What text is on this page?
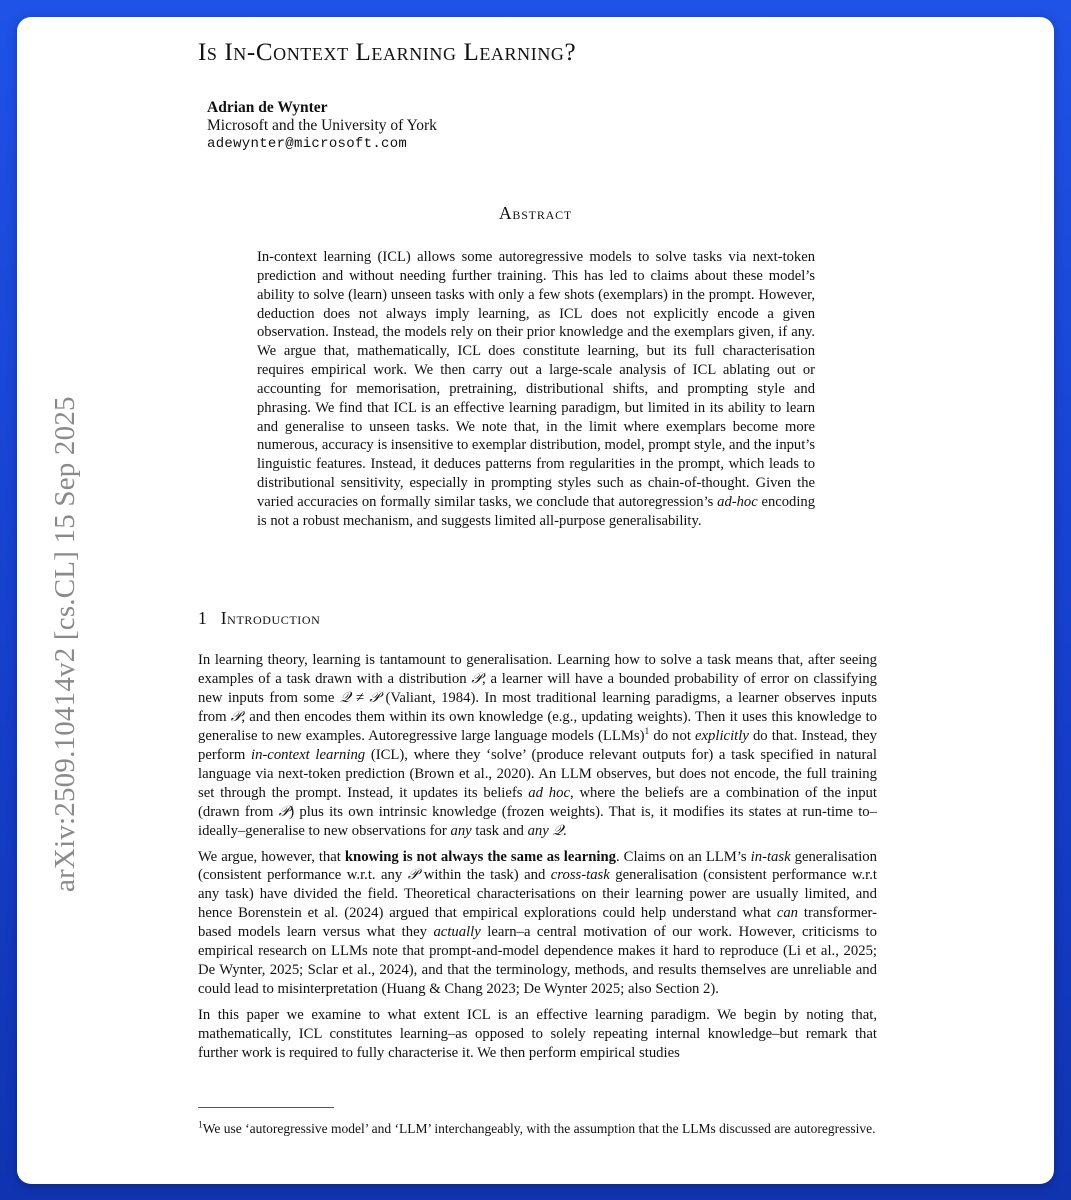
arXiv:2509.10414v2 [cs.CL] 15 Sep 2025
Is In-Context Learning Learning?
Adrian de Wynter
Microsoft and the University of York
adewynter@microsoft.com
Abstract

In-context learning (ICL) allows some autoregressive models to solve tasks via next-token prediction and without needing further training. This has led to claims about these model’s ability to solve (learn) unseen tasks with only a few shots (exemplars) in the prompt. However, deduction does not always imply learning, as ICL does not explicitly encode a given observation. Instead, the models rely on their prior knowledge and the exemplars given, if any. We argue that, mathematically, ICL does constitute learning, but its full characterisation requires empirical work. We then carry out a large-scale analysis of ICL ablating out or accounting for memorisation, pretraining, distributional shifts, and prompting style and phrasing. We find that ICL is an effective learning paradigm, but limited in its ability to learn and generalise to unseen tasks. We note that, in the limit where exemplars become more numerous, accuracy is insensitive to exemplar distribution, model, prompt style, and the input’s linguistic features. Instead, it deduces patterns from regularities in the prompt, which leads to distributional sensitivity, especially in prompting styles such as chain-of-thought. Given the varied accuracies on formally similar tasks, we conclude that autoregression’s ad-hoc encoding is not a robust mechanism, and suggests limited all-purpose generalisability.

1 Introduction

In learning theory, learning is tantamount to generalisation. Learning how to solve a task means that, after seeing examples of a task drawn with a distribution 𝒫, a learner will have a bounded probability of error on classifying new inputs from some 𝒬 ≠ 𝒫 (Valiant, 1984). In most traditional learning paradigms, a learner observes inputs from 𝒫, and then encodes them within its own knowledge (e.g., updating weights). Then it uses this knowledge to generalise to new examples. Autoregressive large language models (LLMs)$^1$ do not explicitly do that. Instead, they perform in-context learning (ICL), where they ‘solve’ (produce relevant outputs for) a task specified in natural language via next-token prediction (Brown et al., 2020). An LLM observes, but does not encode, the full training set through the prompt. Instead, it updates its beliefs ad hoc, where the beliefs are a combination of the input (drawn from 𝒫) plus its own intrinsic knowledge (frozen weights). That is, it modifies its states at run-time to–ideally–generalise to new observations for any task and any 𝒬.

We argue, however, that knowing is not always the same as learning. Claims on an LLM’s in-task generalisation (consistent performance w.r.t. any 𝒫 within the task) and cross-task generalisation (consistent performance w.r.t any task) have divided the field. Theoretical characterisations on their learning power are usually limited, and hence Borenstein et al. (2024) argued that empirical explorations could help understand what can transformer-based models learn versus what they actually learn–a central motivation of our work. However, criticisms to empirical research on LLMs note that prompt-and-model dependence makes it hard to reproduce (Li et al., 2025; De Wynter, 2025; Sclar et al., 2024), and that the terminology, methods, and results themselves are unreliable and could lead to misinterpretation (Huang & Chang 2023; De Wynter 2025; also Section 2).

In this paper we examine to what extent ICL is an effective learning paradigm. We begin by noting that, mathematically, ICL constitutes learning–as opposed to solely repeating internal knowledge–but remark that further work is required to fully characterise it. We then perform empirical studies

$^1$We use ‘autoregressive model’ and ‘LLM’ interchangeably, with the assumption that the LLMs discussed are autoregressive.
